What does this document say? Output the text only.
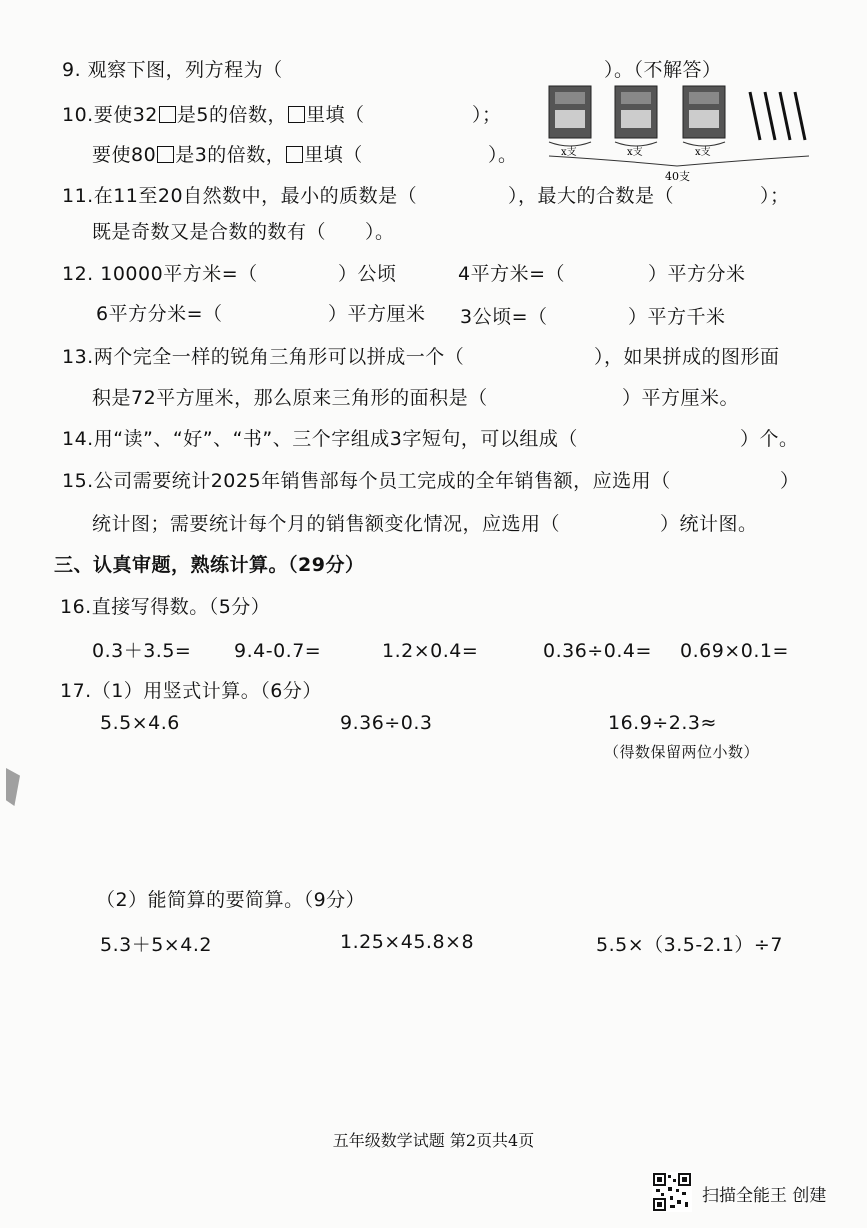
9. 观察下图，列方程为（	）。（不解答）
x支	x支	x支
40支
10.要使32 是5的倍数， 里填（	）；
要使80 是3的倍数， 里填（	）。
11.在11至20自然数中，最小的质数是（	），最大的合数是（	）；
既是奇数又是合数的数有（　　）。
12. 10000平方米=（	）公顷	4平方米=（	）平方分米
6平方分米=（	）平方厘米 3公顷=（	）平方千米
13.两个完全一样的锐角三角形可以拼成一个（	），如果拼成的图形面
积是72平方厘米，那么原来三角形的面积是（	）平方厘米。
14.用“读”、“好”、“书”、三个字组成3字短句，可以组成（	）个。
15.公司需要统计2025年销售部每个员工完成的全年销售额，应选用（	）
统计图；需要统计每个月的销售额变化情况，应选用（	）统计图。
三、认真审题，熟练计算。（29分）
16.直接写得数。（5分）
0.3＋3.5= 9.4-0.7=	1.2×0.4=	0.36÷0.4= 0.69×0.1=
17.（1）用竖式计算。（6分）
5.5×4.6	9.36÷0.3	16.9÷2.3≈
（得数保留两位小数）
（2）能简算的要简算。（9分）
5.3＋5×4.2	1.25×45.8×8	5.5×（3.5-2.1）÷7
五年级数学试题 第2页共4页
扫描全能王 创建
